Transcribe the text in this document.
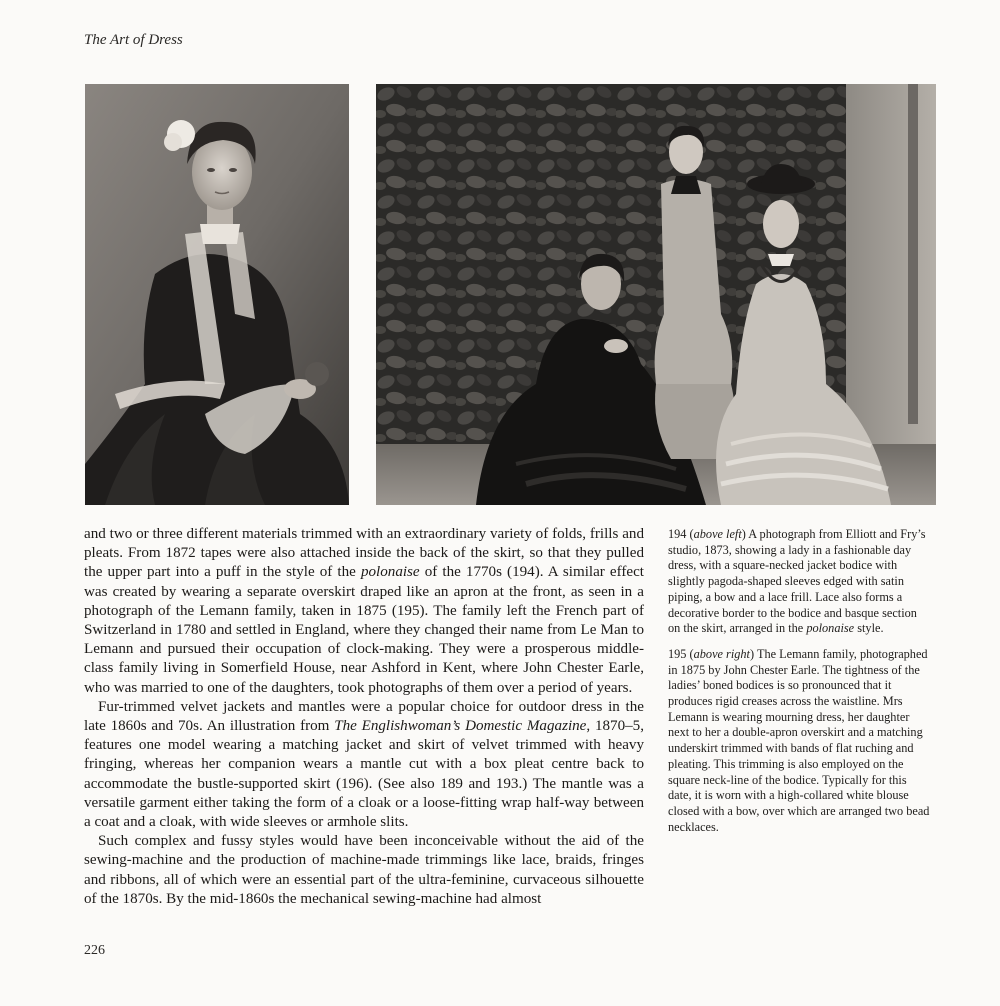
The Art of Dress

and two or three different materials trimmed with an extraordinary variety of folds, frills and pleats. From 1872 tapes were also attached inside the back of the skirt, so that they pulled the upper part into a puff in the style of the polonaise of the 1770s (194). A similar effect was created by wearing a separate overskirt draped like an apron at the front, as seen in a photograph of the Lemann family, taken in 1875 (195). The family left the French part of Switzerland in 1780 and settled in England, where they changed their name from Le Man to Lemann and pursued their occupation of clock-making. They were a prosperous middle-class family living in Somerfield House, near Ashford in Kent, where John Chester Earle, who was married to one of the daughters, took photographs of them over a period of years.

Fur-trimmed velvet jackets and mantles were a popular choice for outdoor dress in the late 1860s and 70s. An illustration from The Englishwoman’s Domestic Magazine, 1870–5, features one model wearing a matching jacket and skirt of velvet trimmed with heavy fringing, whereas her companion wears a mantle cut with a box pleat centre back to accommodate the bustle-supported skirt (196). (See also 189 and 193.) The mantle was a versatile garment either taking the form of a cloak or a loose-fitting wrap half-way between a coat and a cloak, with wide sleeves or armhole slits.

Such complex and fussy styles would have been inconceivable without the aid of the sewing-machine and the production of machine-made trimmings like lace, braids, fringes and ribbons, all of which were an essential part of the ultra-feminine, curvaceous silhouette of the 1870s. By the mid-1860s the mechanical sewing-machine had almost

194 (above left) A photograph from Elliott and Fry’s studio, 1873, showing a lady in a fashionable day dress, with a square-necked jacket bodice with slightly pagoda-shaped sleeves edged with satin piping, a bow and a lace frill. Lace also forms a decorative border to the bodice and basque section on the skirt, arranged in the polonaise style.

195 (above right) The Lemann family, photographed in 1875 by John Chester Earle. The tightness of the ladies’ boned bodices is so pronounced that it produces rigid creases across the waistline. Mrs Lemann is wearing mourning dress, her daughter next to her a double-apron overskirt and a matching underskirt trimmed with bands of flat ruching and pleating. This trimming is also employed on the square neck-line of the bodice. Typically for this date, it is worn with a high-collared white blouse closed with a bow, over which are arranged two bead necklaces.

226
